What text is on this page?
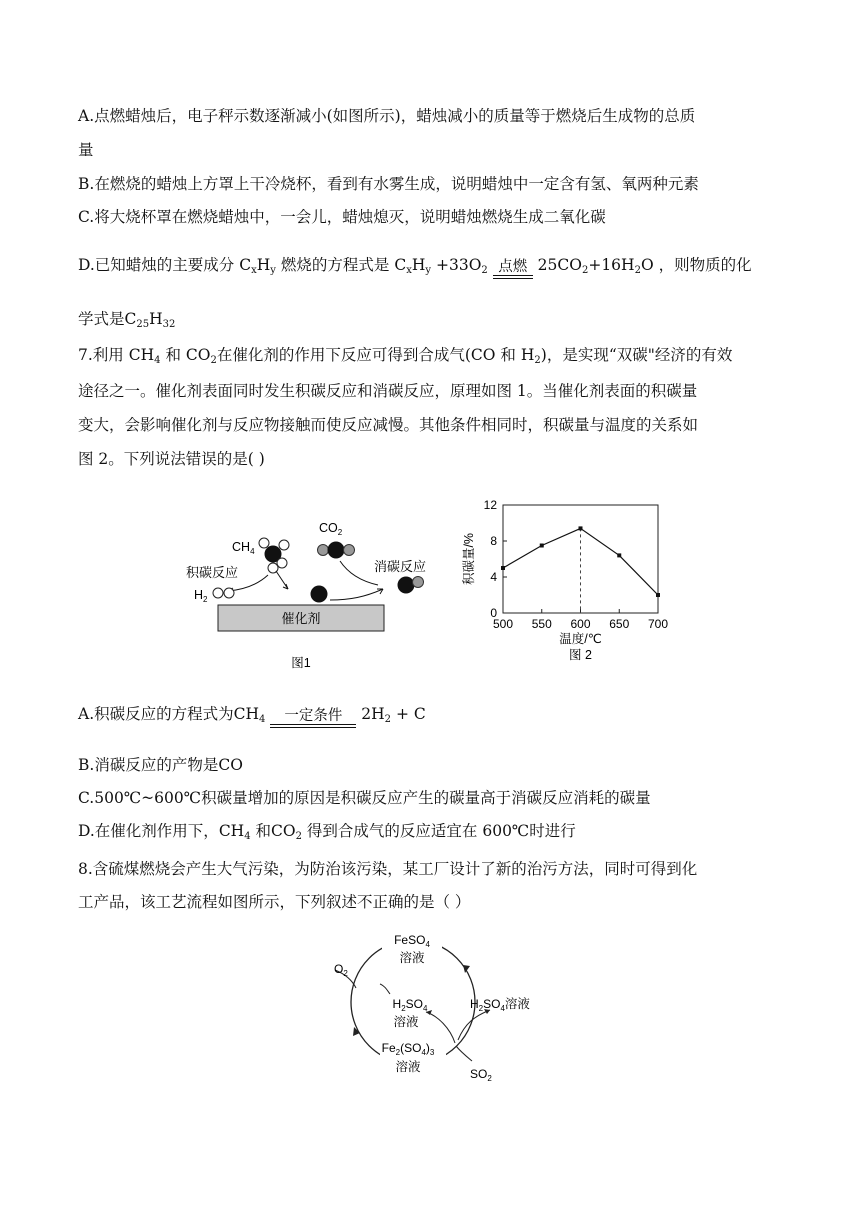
A.点燃蜡烛后，电子秤示数逐渐减小(如图所示)，蜡烛减小的质量等于燃烧后生成物的总质
量
B.在燃烧的蜡烛上方罩上干冷烧杯，看到有水雾生成，说明蜡烛中一定含有氢、氧两种元素
C.将大烧杯罩在燃烧蜡烛中，一会儿，蜡烛熄灭，说明蜡烛燃烧生成二氧化碳
D.已知蜡烛的主要成分 $C_xH_y$ 燃烧的方程式是 $C_xH_y +33O_2$ 点燃 $25CO_2+16H_2O$ ，则物质的化
学式是$C_{25}H_{32}$
7.利用 $CH_4$ 和 $CO_2$在催化剂的作用下反应可得到合成气(CO 和 $H_2$)，是实现“双碳"经济的有效
途径之一。催化剂表面同时发生积碳反应和消碳反应，原理如图 1。当催化剂表面的积碳量
变大，会影响催化剂与反应物接触而使反应减慢。其他条件相同时，积碳量与温度的关系如
图 2。下列说法错误的是( )
催化剂
$CH_4$
$CO_2$
积碳反应	消碳反应
$H_2$
图1
0
4
8
12
500 550 600 650 700
温度/℃
积碳量/%
图 2
A.积碳反应的方程式为$CH_4$	一定条件	$2H_2 + C$
B.消碳反应的产物是CO
C.500℃~600℃积碳量增加的原因是积碳反应产生的碳量高于消碳反应消耗的碳量
D.在催化剂作用下，$CH_4$ 和$CO_2$ 得到合成气的反应适宜在 600℃时进行
8.含硫煤燃烧会产生大气污染，为防治该污染，某工厂设计了新的治污方法，同时可得到化
工产品，该工艺流程如图所示，下列叙述不正确的是（ ）
$O_2$
$SO_2$
FeSO$_4$
溶液
$H_2SO_4$
溶液
$H_2SO_4$溶液
$Fe_2(SO_4)_3$
溶液
